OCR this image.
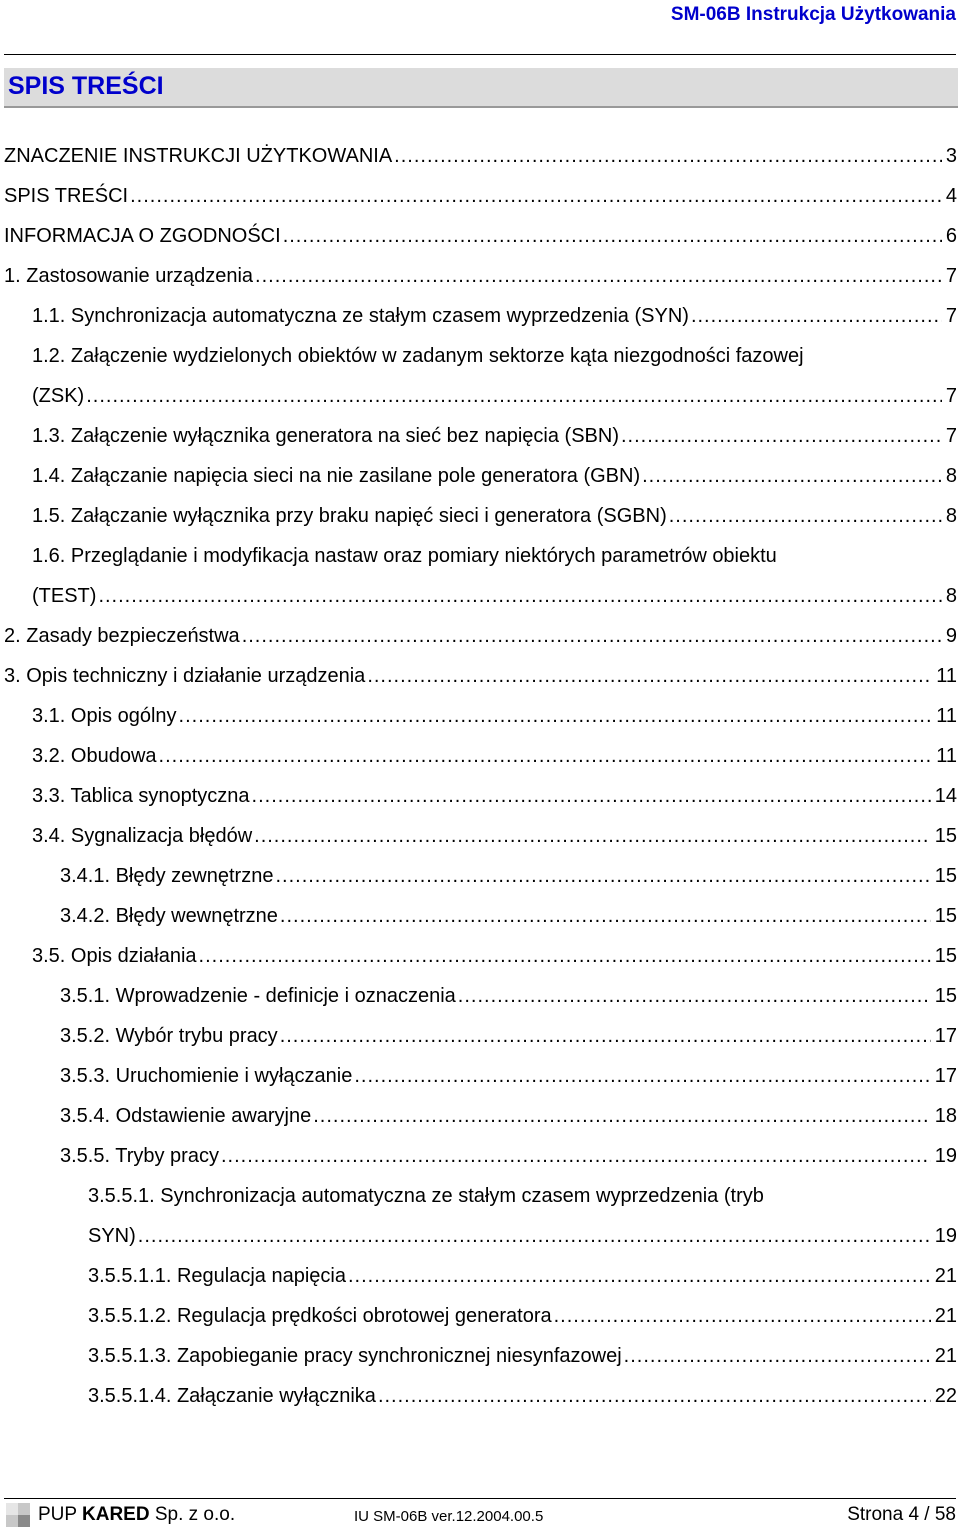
SM-06B Instrukcja Użytkowania
SPIS TREŚCI
ZNACZENIE INSTRUKCJI UŻYTKOWANIA .....	3
SPIS TREŚCI .....	4
INFORMACJA O ZGODNOŚCI .....	6
1. Zastosowanie urządzenia .....	7
1.1. Synchronizacja automatyczna ze stałym czasem wyprzedzenia (SYN) .....	7
1.2. Załączenie wydzielonych obiektów w zadanym sektorze kąta niezgodności fazowej
(ZSK) .....	7
1.3. Załączenie wyłącznika generatora na sieć bez napięcia (SBN) .....	7
1.4. Załączanie napięcia sieci na nie zasilane pole generatora (GBN) .....	8
1.5. Załączanie wyłącznika przy braku napięć sieci i generatora (SGBN) .....	8
1.6. Przeglądanie i modyfikacja nastaw oraz pomiary niektórych parametrów obiektu
(TEST) .....	8
2. Zasady bezpieczeństwa .....	9
3. Opis techniczny i działanie urządzenia .....	11
3.1. Opis ogólny .....	11
3.2. Obudowa .....	11
3.3. Tablica synoptyczna .....	14
3.4. Sygnalizacja błędów .....	15
3.4.1. Błędy zewnętrzne .....	15
3.4.2. Błędy wewnętrzne .....	15
3.5. Opis działania .....	15
3.5.1. Wprowadzenie - definicje i oznaczenia .....	15
3.5.2. Wybór trybu pracy .....	17
3.5.3. Uruchomienie i wyłączanie .....	17
3.5.4. Odstawienie awaryjne .....	18
3.5.5. Tryby pracy .....	19
3.5.5.1. Synchronizacja automatyczna ze stałym czasem wyprzedzenia (tryb
SYN) .....	19
3.5.5.1.1. Regulacja napięcia .....	21
3.5.5.1.2. Regulacja prędkości obrotowej generatora .....	21
3.5.5.1.3. Zapobieganie pracy synchronicznej niesynfazowej .....	21
3.5.5.1.4. Załączanie wyłącznika .....	22
PUP KARED Sp. z o.o.	IU SM-06B ver.12.2004.00.5	Strona 4 / 58
